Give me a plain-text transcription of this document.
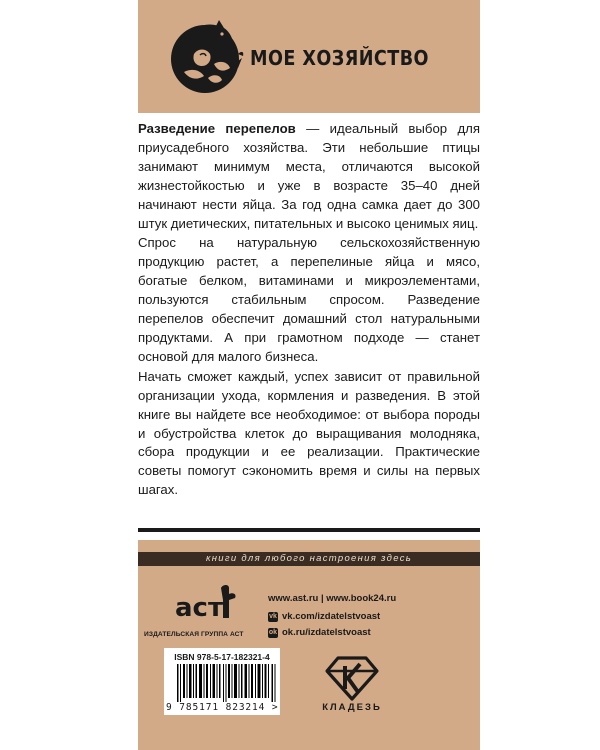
МОЕ ХОЗЯЙСТВО

Разведение перепелов — идеальный выбор для приусадебного хозяйства. Эти небольшие птицы занимают минимум места, отличаются высокой жизнестойкостью и уже в возрасте 35–40 дней начинают нести яйца. За год одна самка дает до 300 штук диетических, питательных и высоко ценимых яиц.

Спрос на натуральную сельскохозяйственную продукцию растет, а перепелиные яйца и мясо, богатые белком, витаминами и микроэлементами, пользуются стабильным спросом. Разведение перепелов обеспечит домашний стол натуральными продуктами. А при грамотном подходе — станет основой для малого бизнеса.

Начать сможет каждый, успех зависит от правильной организации ухода, кормления и разведения. В этой книге вы найдете все необходимое: от выбора породы и обустройства клеток до выращивания молодняка, сбора продукции и ее реализации. Практические советы помогут сэкономить время и силы на первых шагах.

книги для любого настроения здесь
аст
ИЗДАТЕЛЬСКАЯ ГРУППА АСТ
www.ast.ru | www.book24.ru
vk vk.com/izdatelstvoast
ok ok.ru/izdatelstvoast
ISBN 978-5-17-182321-4
9 785171 823214 >	КЛАДЕЗЬ
